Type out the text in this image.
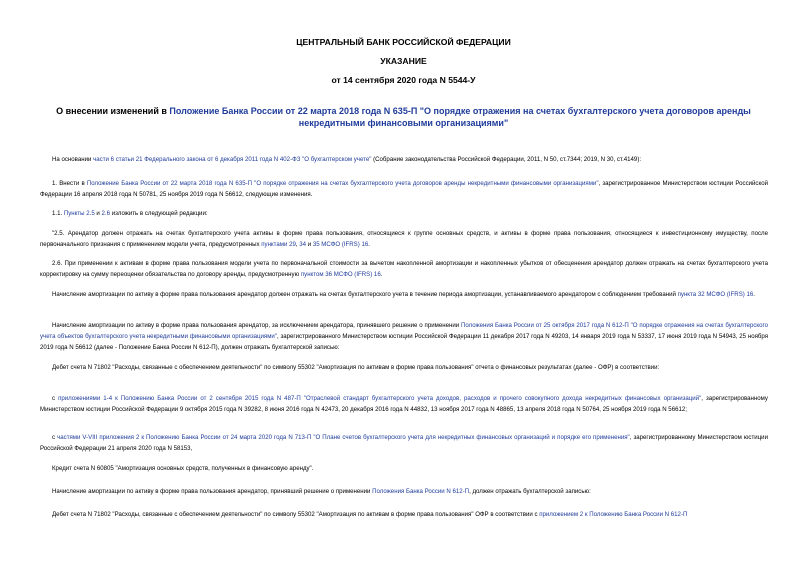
ЦЕНТРАЛЬНЫЙ БАНК РОССИЙСКОЙ ФЕДЕРАЦИИ

УКАЗАНИЕ

от 14 сентября 2020 года N 5544-У

О внесении изменений в Положение Банка России от 22 марта 2018 года N 635-П "О порядке отражения на счетах бухгалтерского учета договоров аренды некредитными финансовыми организациями"

На основании части 6 статьи 21 Федерального закона от 6 декабря 2011 года N 402-ФЗ "О бухгалтерском учете" (Собрание законодательства Российской Федерации, 2011, N 50, ст.7344; 2019, N 30, ст.4149):

1. Внести в Положение Банка России от 22 марта 2018 года N 635-П "О порядке отражения на счетах бухгалтерского учета договоров аренды некредитными финансовыми организациями", зарегистрированное Министерством юстиции Российской Федерации 16 апреля 2018 года N 50781, 25 ноября 2019 года N 56612, следующие изменения.

1.1. Пункты 2.5 и 2.6 изложить в следующей редакции:

"2.5. Арендатор должен отражать на счетах бухгалтерского учета активы в форме права пользования, относящиеся к группе основных средств, и активы в форме права пользования, относящиеся к инвестиционному имуществу, после первоначального признания с применением модели учета, предусмотренных пунктами 29, 34 и 35 МСФО (IFRS) 16.

2.6. При применении к активам в форме права пользования модели учета по первоначальной стоимости за вычетом накопленной амортизации и накопленных убытков от обесценения арендатор должен отражать на счетах бухгалтерского учета корректировку на сумму переоценки обязательства по договору аренды, предусмотренную пунктом 36 МСФО (IFRS) 16.

Начисление амортизации по активу в форме права пользования арендатор должен отражать на счетах бухгалтерского учета в течение периода амортизации, устанавливаемого арендатором с соблюдением требований пункта 32 МСФО (IFRS) 16.

Начисление амортизации по активу в форме права пользования арендатор, за исключением арендатора, принявшего решение о применении Положения Банка России от 25 октября 2017 года N 612-П "О порядке отражения на счетах бухгалтерского учета объектов бухгалтерского учета некредитными финансовыми организациями", зарегистрированного Министерством юстиции Российской Федерации 11 декабря 2017 года N 49203, 14 января 2019 года N 53337, 17 июня 2019 года N 54943, 25 ноября 2019 года N 56612 (далее - Положение Банка России N 612-П), должен отражать бухгалтерской записью:

Дебет счета N 71802 "Расходы, связанные с обеспечением деятельности" по символу 55302 "Амортизация по активам в форме права пользования" отчета о финансовых результатах (далее - ОФР) в соответствии:

с приложениями 1-4 к Положению Банка России от 2 сентября 2015 года N 487-П "Отраслевой стандарт бухгалтерского учета доходов, расходов и прочего совокупного дохода некредитных финансовых организаций", зарегистрированному Министерством юстиции Российской Федерации 9 октября 2015 года N 39282, 8 июня 2016 года N 42473, 20 декабря 2016 года N 44832, 13 ноября 2017 года N 48865, 13 апреля 2018 года N 50764, 25 ноября 2019 года N 56612;

с частями V-VIII приложения 2 к Положению Банка России от 24 марта 2020 года N 713-П "О Плане счетов бухгалтерского учета для некредитных финансовых организаций и порядке его применения", зарегистрированному Министерством юстиции Российской Федерации 21 апреля 2020 года N 58153,

Кредит счета N 60805 "Амортизация основных средств, полученных в финансовую аренду".

Начисление амортизации по активу в форме права пользования арендатор, принявший решение о применении Положения Банка России N 612-П, должен отражать бухгалтерской записью:

Дебет счета N 71802 "Расходы, связанные с обеспечением деятельности" по символу 55302 "Амортизация по активам в форме права пользования" ОФР в соответствии с приложением 2 к Положению Банка России N 612-П
